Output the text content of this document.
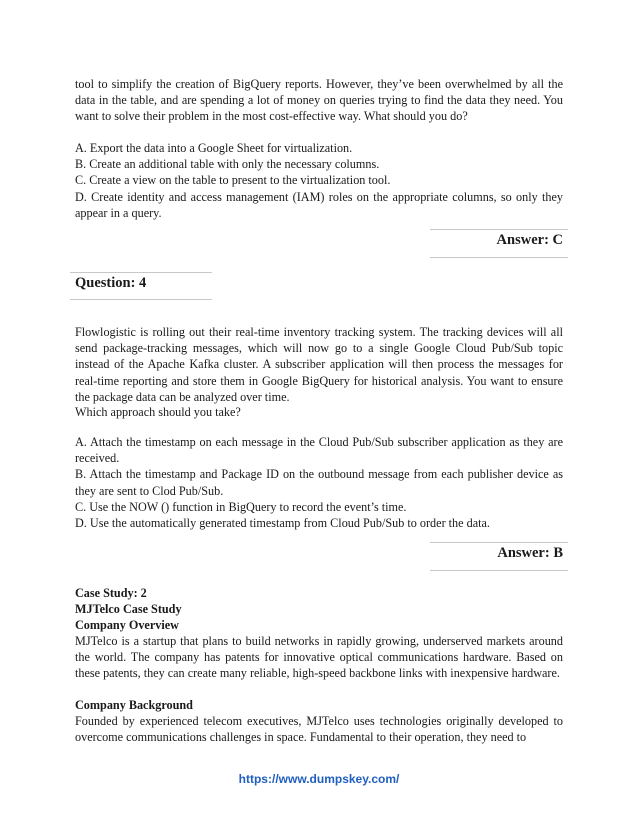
tool to simplify the creation of BigQuery reports. However, they’ve been overwhelmed by all the data in the table, and are spending a lot of money on queries trying to find the data they need. You want to solve their problem in the most cost-effective way. What should you do?

A. Export the data into a Google Sheet for virtualization.

B. Create an additional table with only the necessary columns.

C. Create a view on the table to present to the virtualization tool.

D. Create identity and access management (IAM) roles on the appropriate columns, so only they appear in a query.

Answer: C
Question: 4

Flowlogistic is rolling out their real-time inventory tracking system. The tracking devices will all send package-tracking messages, which will now go to a single Google Cloud Pub/Sub topic instead of the Apache Kafka cluster. A subscriber application will then process the messages for real-time reporting and store them in Google BigQuery for historical analysis. You want to ensure the package data can be analyzed over time.

Which approach should you take?

A. Attach the timestamp on each message in the Cloud Pub/Sub subscriber application as they are received.

B. Attach the timestamp and Package ID on the outbound message from each publisher device as they are sent to Clod Pub/Sub.

C. Use the NOW () function in BigQuery to record the event’s time.

D. Use the automatically generated timestamp from Cloud Pub/Sub to order the data.

Answer: B

Case Study: 2

MJTelco Case Study

Company Overview

MJTelco is a startup that plans to build networks in rapidly growing, underserved markets around the world. The company has patents for innovative optical communications hardware. Based on these patents, they can create many reliable, high-speed backbone links with inexpensive hardware.

Company Background

Founded by experienced telecom executives, MJTelco uses technologies originally developed to overcome communications challenges in space. Fundamental to their operation, they need to

https://www.dumpskey.com/
